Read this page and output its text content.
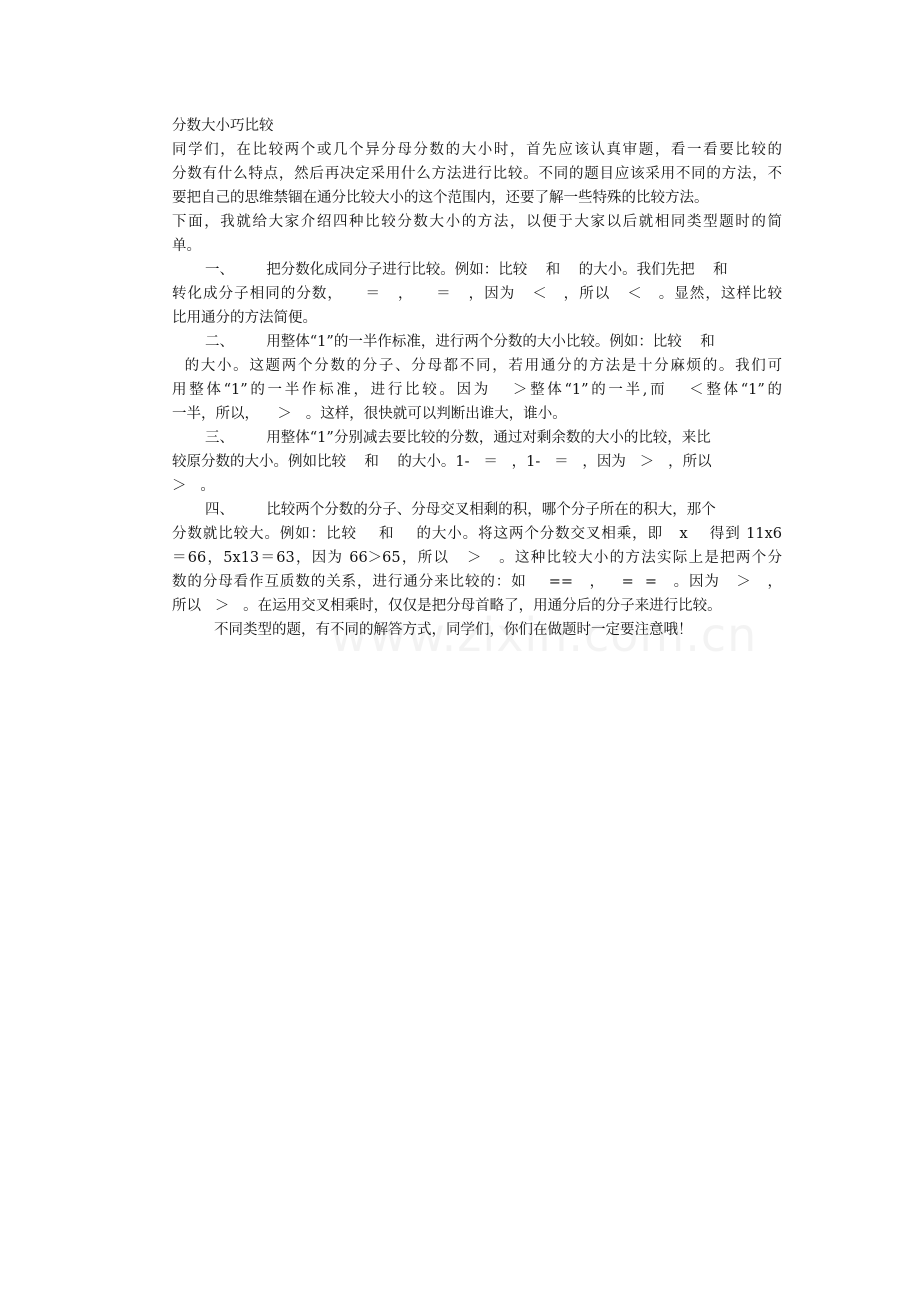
分数大小巧比较
同学们，在比较两个或几个异分母分数的大小时，首先应该认真审题，看一看要比较的
分数有什么特点，然后再决定采用什么方法进行比较。不同的题目应该采用不同的方法，不
要把自己的思维禁锢在通分比较大小的这个范围内，还要了解一些特殊的比较方法。
下面，我就给大家介绍四种比较分数大小的方法，以便于大家以后就相同类型题时的简
单。
一、       把分数化成同分子进行比较。例如：比较    和    的大小。我们先把    和
转化成分子相同的分数，    ＝   ，    ＝   ，因为   ＜   ，所以   ＜   。显然，这样比较
比用通分的方法简便。
二、       用整体“1”的一半作标准，进行两个分数的大小比较。例如：比较    和
的大小。这题两个分数的分子、分母都不同，若用通分的方法是十分麻烦的。我们可
用整体“1”的一半作标准，进行比较。因为   ＞整体“1”的一半,而   ＜整体“1”的
一半，所以，    ＞   。这样，很快就可以判断出谁大，谁小。
三、       用整体“1”分别减去要比较的分数，通过对剩余数的大小的比较，来比
较原分数的大小。例如比较    和    的大小。1-   ＝   ，1-   ＝   ，因为   ＞   ，所以
＞   。
四、       比较两个分数的分子、分母交叉相剩的积，哪个分子所在的积大，那个
分数就比较大。例如：比较    和    的大小。将这两个分数交叉相乘，即   x    得到 11x6
＝66，5x13＝63，因为 66＞65，所以   ＞   。这种比较大小的方法实际上是把两个分
数的分母看作互质数的关系，进行通分来比较的：如    ==   ，   =  =   。因为   ＞   ，
所以   ＞   。在运用交叉相乘时，仅仅是把分母首略了，用通分后的分子来进行比较。
不同类型的题，有不同的解答方式，同学们，你们在做题时一定要注意哦！
